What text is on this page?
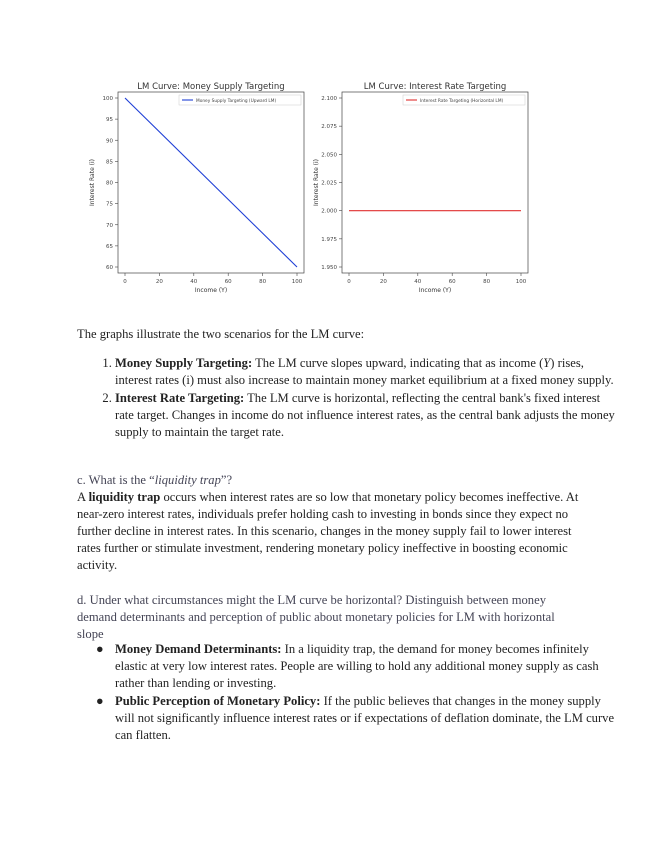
LM Curve: Money Supply Targeting
0	20	40	60	80	100
60
65
70
75
80
85
90
95
100
Income (Y)
Interest Rate (i)
Money Supply Targeting (Upward LM)
LM Curve: Interest Rate Targeting
0	20	40	60	80	100
1.950
1.975
2.000
2.025
2.050
2.075
2.100
Income (Y)
Interest Rate (i)
Interest Rate Targeting (Horizontal LM)
The graphs illustrate the two scenarios for the LM curve:
1. Money Supply Targeting: The LM curve slopes upward, indicating that as income (Y) rises, interest rates (i) must also increase to maintain money market equilibrium at a fixed money supply.
2. Interest Rate Targeting: The LM curve is horizontal, reflecting the central bank's fixed interest rate target. Changes in income do not influence interest rates, as the central bank adjusts the money supply to maintain the target rate.
c. What is the “liquidity trap”?
A liquidity trap occurs when interest rates are so low that monetary policy becomes ineffective. At near-zero interest rates, individuals prefer holding cash to investing in bonds since they expect no further decline in interest rates. In this scenario, changes in the money supply fail to lower interest rates further or stimulate investment, rendering monetary policy ineffective in boosting economic activity.
d. Under what circumstances might the LM curve be horizontal? Distinguish between money demand determinants and perception of public about monetary policies for LM with horizontal slope
● Money Demand Determinants: In a liquidity trap, the demand for money becomes infinitely elastic at very low interest rates. People are willing to hold any additional money supply as cash rather than lending or investing.
● Public Perception of Monetary Policy: If the public believes that changes in the money supply will not significantly influence interest rates or if expectations of deflation dominate, the LM curve can flatten.
